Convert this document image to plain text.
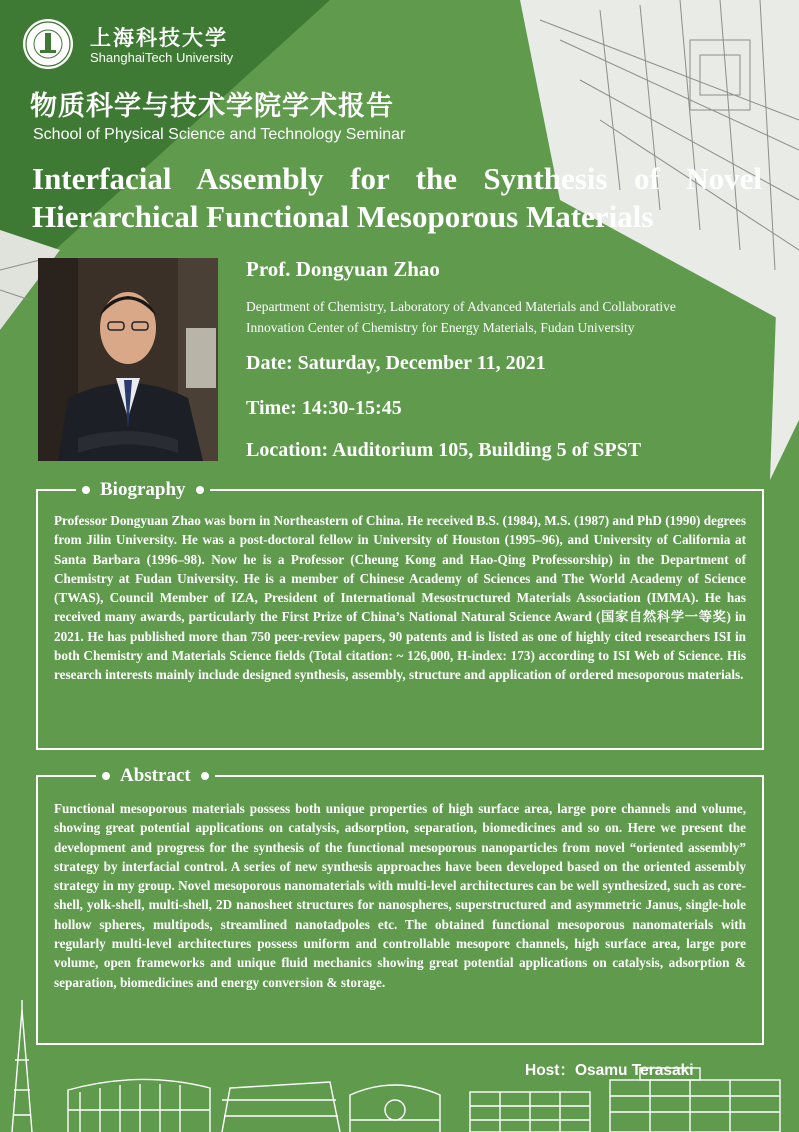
上海科技大学
ShanghaiTech University
物质科学与技术学院学术报告
School of Physical Science and Technology Seminar
Interfacial Assembly for the Synthesis of Novel
Hierarchical Functional Mesoporous Materials
Prof. Dongyuan Zhao
Department of Chemistry, Laboratory of Advanced Materials and Collaborative
Innovation Center of Chemistry for Energy Materials, Fudan University
Date: Saturday, December 11, 2021
Time: 14:30-15:45
Location: Auditorium 105, Building 5 of SPST
Biography
Professor Dongyuan Zhao was born in Northeastern of China. He received B.S. (1984), M.S. (1987) and PhD (1990) degrees from Jilin University. He was a post-doctoral fellow in University of Houston (1995–96), and University of California at Santa Barbara (1996–98). Now he is a Professor (Cheung Kong and Hao-Qing Professorship) in the Department of Chemistry at Fudan University. He is a member of Chinese Academy of Sciences and The World Academy of Science (TWAS), Council Member of IZA, President of International Mesostructured Materials Association (IMMA). He has received many awards, particularly the First Prize of China’s National Natural Science Award (国家自然科学一等奖) in 2021. He has published more than 750 peer-review papers, 90 patents and is listed as one of highly cited researchers ISI in both Chemistry and Materials Science fields (Total citation: ~ 126,000, H-index: 173) according to ISI Web of Science. His research interests mainly include designed synthesis, assembly, structure and application of ordered mesoporous materials.
Abstract
Functional mesoporous materials possess both unique properties of high surface area, large pore channels and volume, showing great potential applications on catalysis, adsorption, separation, biomedicines and so on. Here we present the development and progress for the synthesis of the functional mesoporous nanoparticles from novel “oriented assembly” strategy by interfacial control. A series of new synthesis approaches have been developed based on the oriented assembly strategy in my group. Novel mesoporous nanomaterials with multi-level architectures can be well synthesized, such as core-shell, yolk-shell, multi-shell, 2D nanosheet structures for nanospheres, superstructured and asymmetric Janus, single-hole hollow spheres, multipods, streamlined nanotadpoles etc. The obtained functional mesoporous nanomaterials with regularly multi-level architectures possess uniform and controllable mesopore channels, high surface area, large pore volume, open frameworks and unique fluid mechanics showing great potential applications on catalysis, adsorption & separation, biomedicines and energy conversion & storage.
Host：Osamu Terasaki
